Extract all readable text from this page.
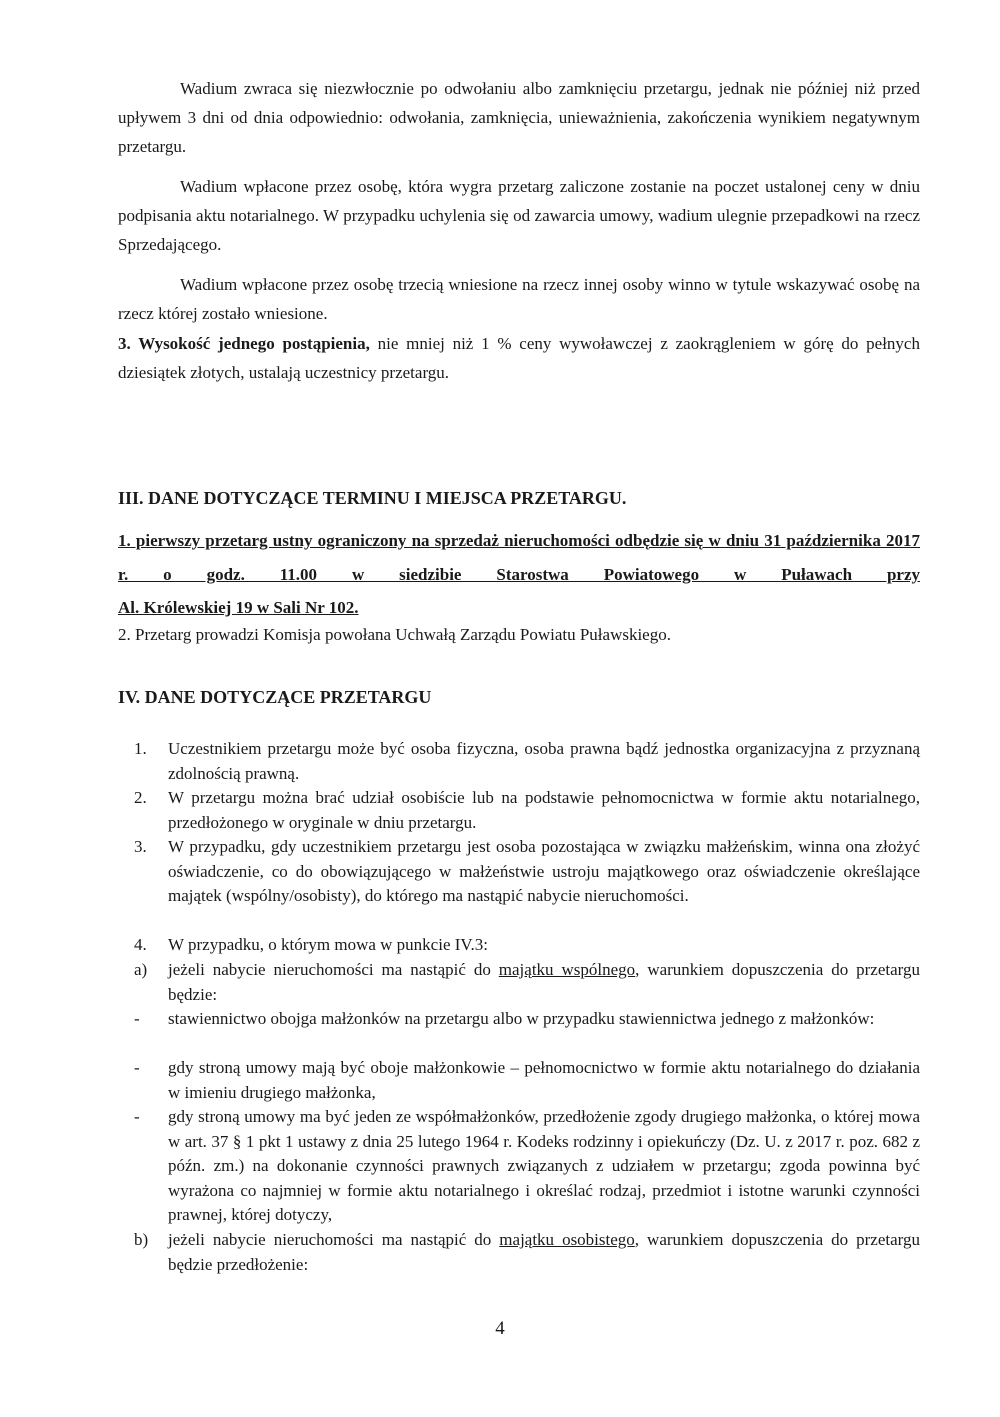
Wadium zwraca się niezwłocznie po odwołaniu albo zamknięciu przetargu, jednak nie później niż przed upływem 3 dni od dnia odpowiednio: odwołania, zamknięcia, unieważnienia, zakończenia wynikiem negatywnym przetargu.

Wadium wpłacone przez osobę, która wygra przetarg zaliczone zostanie na poczet ustalonej ceny w dniu podpisania aktu notarialnego. W przypadku uchylenia się od zawarcia umowy, wadium ulegnie przepadkowi na rzecz Sprzedającego.

Wadium wpłacone przez osobę trzecią wniesione na rzecz innej osoby winno w tytule wskazywać osobę na rzecz której zostało wniesione.

3. Wysokość jednego postąpienia, nie mniej niż 1 % ceny wywoławczej z zaokrągleniem w górę do pełnych dziesiątek złotych, ustalają uczestnicy przetargu.

III. DANE DOTYCZĄCE TERMINU I MIEJSCA PRZETARGU.

1. pierwszy przetarg ustny ograniczony na sprzedaż nieruchomości odbędzie się w dniu 31 października 2017 r. o godz. 11.00 w siedzibie Starostwa Powiatowego w Puławach przy

Al. Królewskiej 19 w Sali Nr 102.

2. Przetarg prowadzi Komisja powołana Uchwałą Zarządu Powiatu Puławskiego.

IV. DANE DOTYCZĄCE PRZETARGU
1. Uczestnikiem przetargu może być osoba fizyczna, osoba prawna bądź jednostka organizacyjna z przyznaną zdolnością prawną.
2. W przetargu można brać udział osobiście lub na podstawie pełnomocnictwa w formie aktu notarialnego, przedłożonego w oryginale w dniu przetargu.
3. W przypadku, gdy uczestnikiem przetargu jest osoba pozostająca w związku małżeńskim, winna ona złożyć oświadczenie, co do obowiązującego w małżeństwie ustroju majątkowego oraz oświadczenie określające majątek (wspólny/osobisty), do którego ma nastąpić nabycie nieruchomości.
4. W przypadku, o którym mowa w punkcie IV.3:
a) jeżeli nabycie nieruchomości ma nastąpić do majątku wspólnego, warunkiem dopuszczenia do przetargu będzie:
- stawiennictwo obojga małżonków na przetargu albo w przypadku stawiennictwa jednego z małżonków:
- gdy stroną umowy mają być oboje małżonkowie – pełnomocnictwo w formie aktu notarialnego do działania w imieniu drugiego małżonka,
- gdy stroną umowy ma być jeden ze współmałżonków, przedłożenie zgody drugiego małżonka, o której mowa w art. 37 § 1 pkt 1 ustawy z dnia 25 lutego 1964 r. Kodeks rodzinny i opiekuńczy (Dz. U. z 2017 r. poz. 682 z późn. zm.) na dokonanie czynności prawnych związanych z udziałem w przetargu; zgoda powinna być wyrażona co najmniej w formie aktu notarialnego i określać rodzaj, przedmiot i istotne warunki czynności prawnej, której dotyczy,
b) jeżeli nabycie nieruchomości ma nastąpić do majątku osobistego, warunkiem dopuszczenia do przetargu będzie przedłożenie:

4
